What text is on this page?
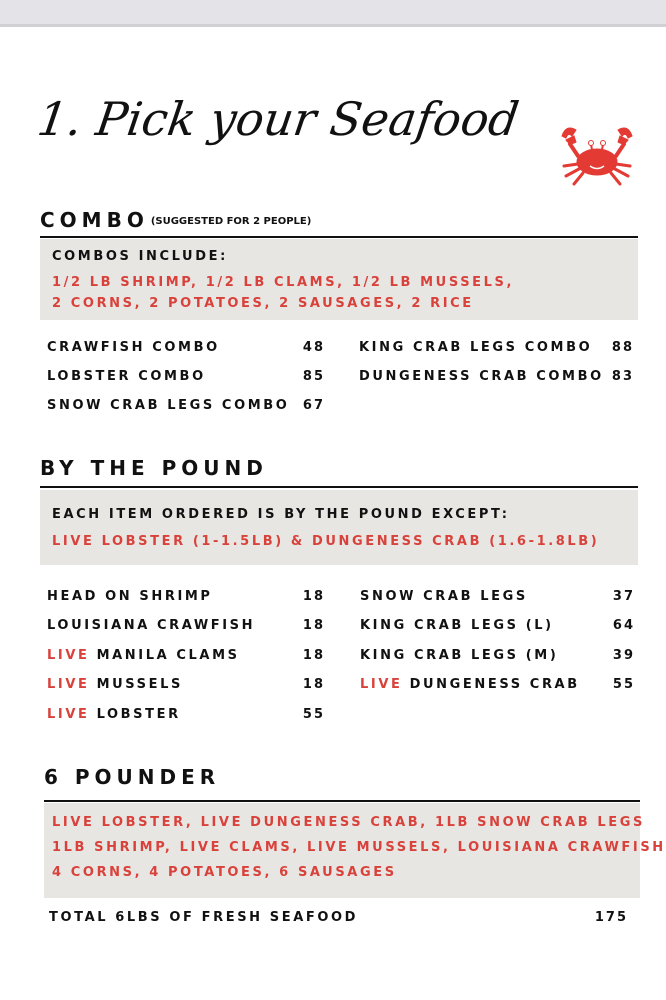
1. Pick your Seafood
COMBO $^{(SUGGESTED FOR 2 PEOPLE)}$
COMBOS INCLUDE:
1/2 LB SHRIMP, 1/2 LB CLAMS, 1/2 LB MUSSELS,
2 CORNS, 2 POTATOES, 2 SAUSAGES, 2 RICE
CRAWFISH COMBO	48
LOBSTER COMBO	85
SNOW CRAB LEGS COMBO	67
KING CRAB LEGS COMBO	88
DUNGENESS CRAB COMBO 83
BY THE POUND
EACH ITEM ORDERED IS BY THE POUND EXCEPT:
LIVE LOBSTER (1-1.5LB) & DUNGENESS CRAB (1.6-1.8LB)
HEAD ON SHRIMP	18
LOUISIANA CRAWFISH	18
LIVE MANILA CLAMS	18
LIVE MUSSELS	18
LIVE LOBSTER	55
SNOW CRAB LEGS	37
KING CRAB LEGS (L)	64
KING CRAB LEGS (M)	39
LIVE DUNGENESS CRAB	55
6 POUNDER
LIVE LOBSTER, LIVE DUNGENESS CRAB, 1LB SNOW CRAB LEGS
1LB SHRIMP, LIVE CLAMS, LIVE MUSSELS, LOUISIANA CRAWFISH
4 CORNS, 4 POTATOES, 6 SAUSAGES
TOTAL 6LBS OF FRESH SEAFOOD	175
